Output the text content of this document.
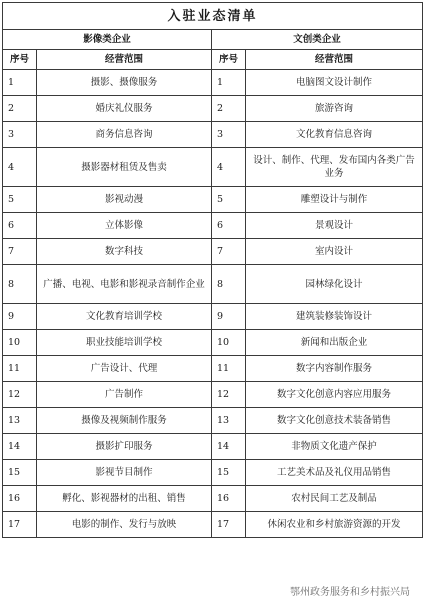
入驻业态清单			
影像类企业		文创类企业	
序号	经营范围	序号	经营范围
1	摄影、摄像服务	1	电脑图文设计制作
2	婚庆礼仪服务	2	旅游咨询
3	商务信息咨询	3	文化教育信息咨询
4	摄影器材租赁及售卖	4	设计、制作、代理、发布国内各类广告业务
5	影视动漫	5	雕塑设计与制作
6	立体影像	6	景观设计
7	数字科技	7	室内设计
8	广播、电视、电影和影视录音制作企业	8	园林绿化设计
9	文化教育培训学校	9	建筑装修装饰设计
10	职业技能培训学校	10	新闻和出版企业
11	广告设计、代理	11	数字内容制作服务
12	广告制作	12	数字文化创意内容应用服务
13	摄像及视频制作服务	13	数字文化创意技术装备销售
14	摄影扩印服务	14	非物质文化遗产保护
15	影视节目制作	15	工艺美术品及礼仪用品销售
16	孵化、影视器材的出租、销售	16	农村民间工艺及制品
17	电影的制作、发行与放映	17	休闲农业和乡村旅游资源的开发
鄂州政务服务和乡村振兴局
